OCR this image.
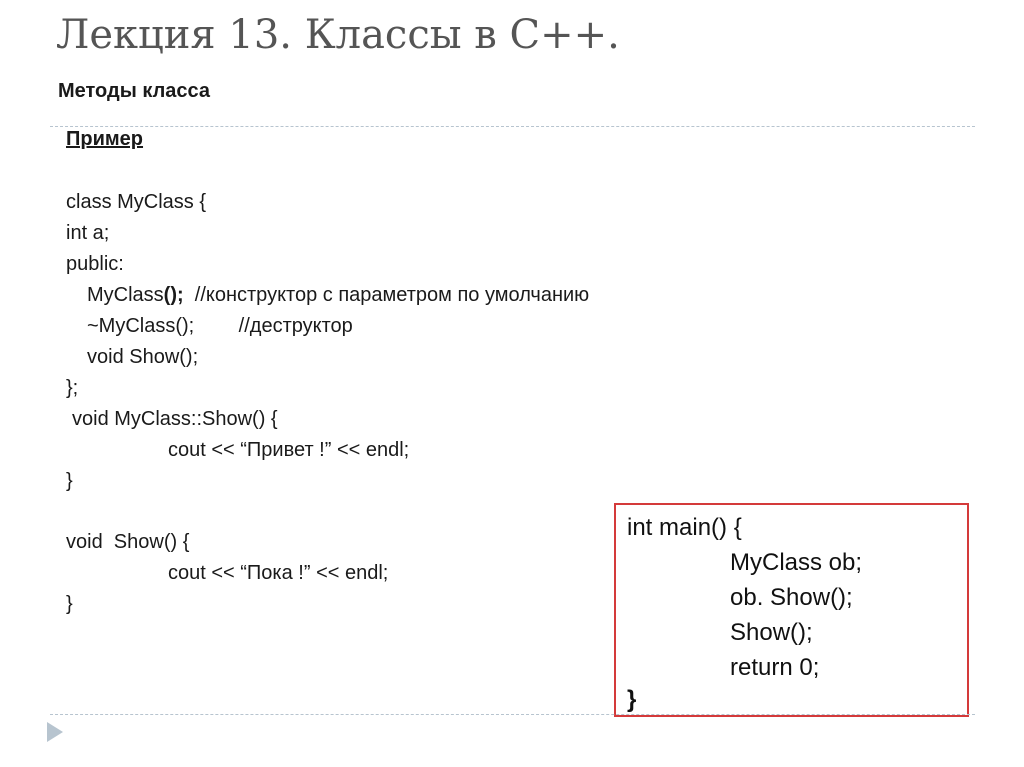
Лекция 13. Классы в С++.
Методы класса
Пример
class MyClass {
int a;
public:
MyClass();  //конструктор с параметром по умолчанию
~MyClass();        //деструктор
void Show();
};
void MyClass::Show() {
cout << “Привет !” << endl;
}
void  Show() {
cout << “Пока !” << endl;
}
int main() {
MyClass ob;
ob. Show();
Show();
return 0;
}
